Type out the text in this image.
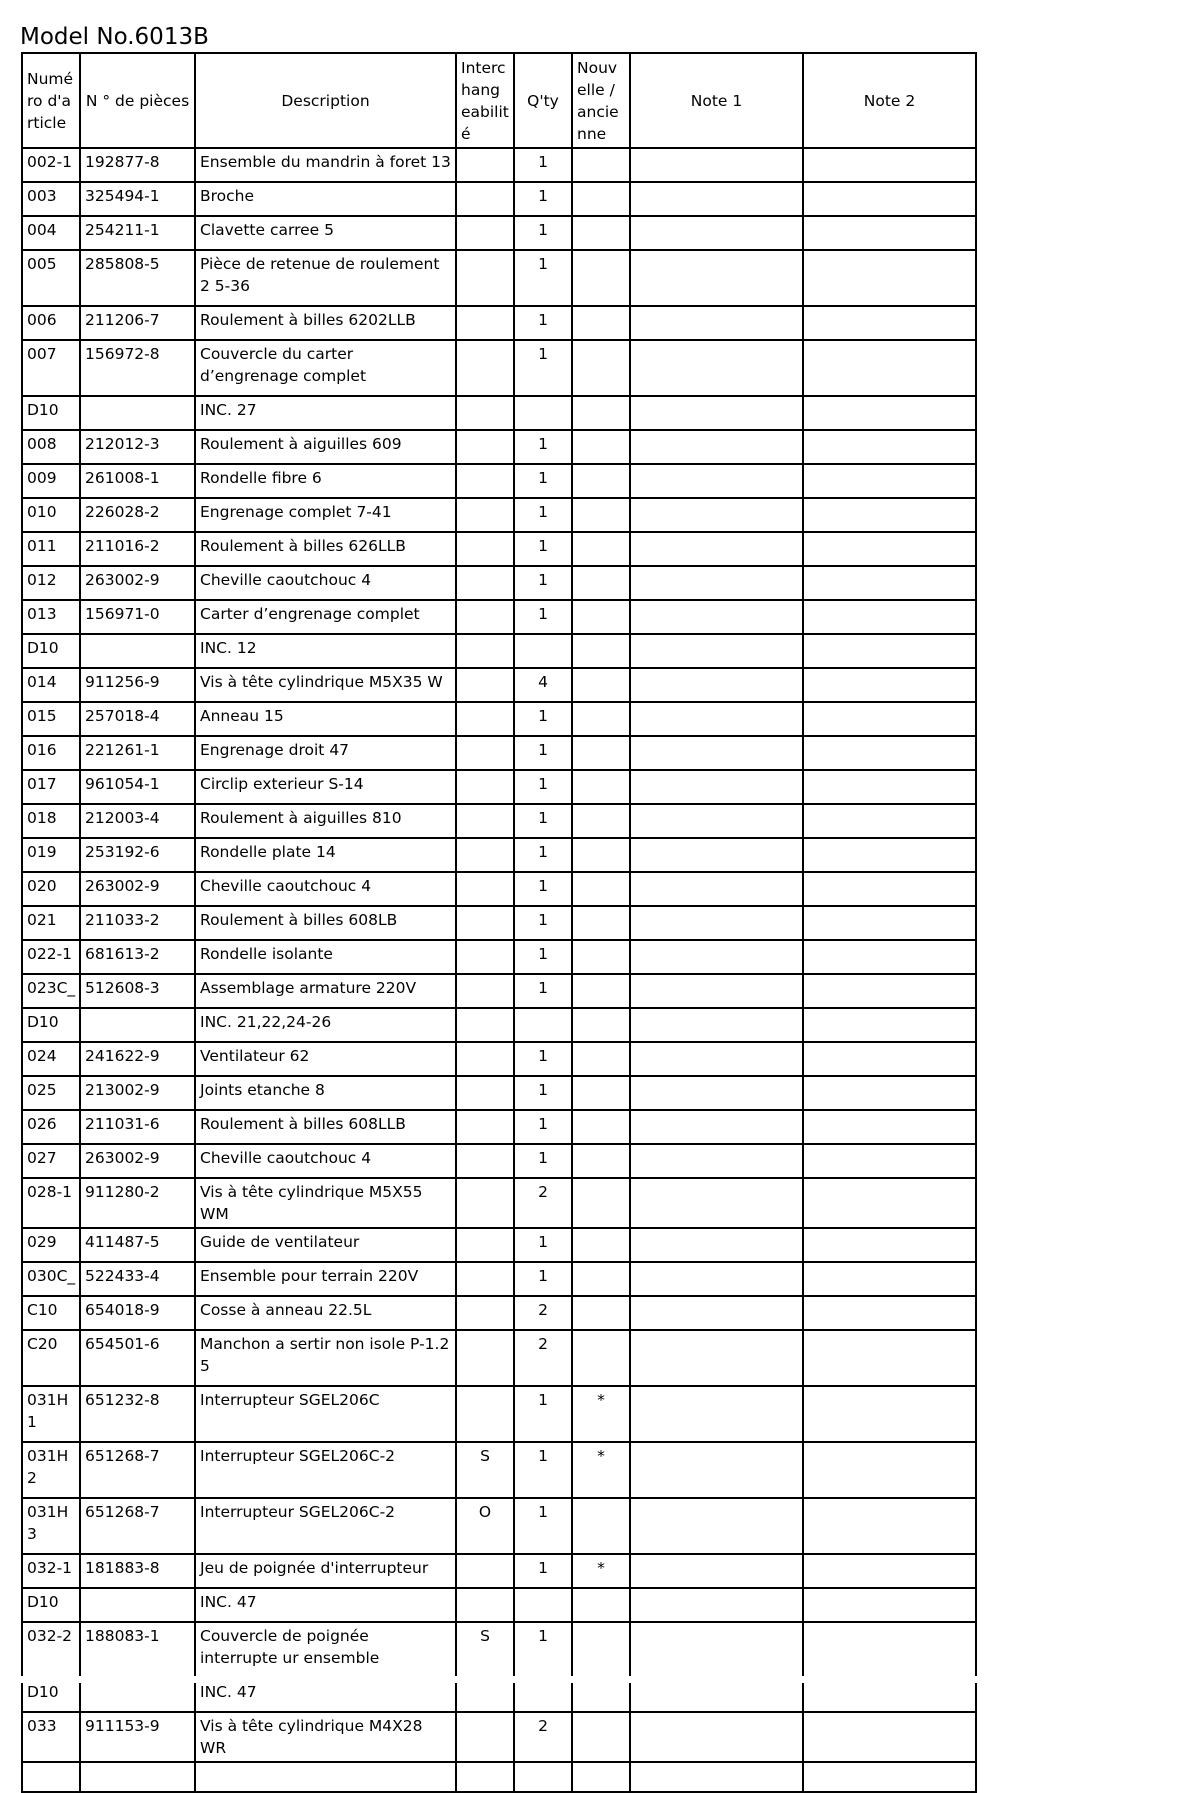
Model No.6013B
Numé ro d'a rticle	N ° de pièces	Description	Interc hang eabilit é	Q'ty	Nouv elle / ancie nne	Note 1	Note 2
002-1	192877-8	Ensemble du mandrin à foret 13		1			
003	325494-1	Broche		1			
004	254211-1	Clavette carree 5		1			
005	285808-5	Pièce de retenue de roulement 2 5-36		1			
006	211206-7	Roulement à billes 6202LLB		1			
007	156972-8	Couvercle du carter d’engrenage complet		1			
D10		INC. 27					
008	212012-3	Roulement à aiguilles 609		1			
009	261008-1	Rondelle fibre 6		1			
010	226028-2	Engrenage complet 7-41		1			
011	211016-2	Roulement à billes 626LLB		1			
012	263002-9	Cheville caoutchouc 4		1			
013	156971-0	Carter d’engrenage complet		1			
D10		INC. 12					
014	911256-9	Vis à tête cylindrique M5X35 W		4			
015	257018-4	Anneau 15		1			
016	221261-1	Engrenage droit 47		1			
017	961054-1	Circlip exterieur S-14		1			
018	212003-4	Roulement à aiguilles 810		1			
019	253192-6	Rondelle plate 14		1			
020	263002-9	Cheville caoutchouc 4		1			
021	211033-2	Roulement à billes 608LB		1			
022-1	681613-2	Rondelle isolante		1			
023C_	512608-3	Assemblage armature 220V		1			
D10		INC. 21,22,24-26					
024	241622-9	Ventilateur 62		1			
025	213002-9	Joints etanche 8		1			
026	211031-6	Roulement à billes 608LLB		1			
027	263002-9	Cheville caoutchouc 4		1			
028-1	911280-2	Vis à tête cylindrique M5X55 WM		2			
029	411487-5	Guide de ventilateur		1			
030C_	522433-4	Ensemble pour terrain 220V		1			
C10	654018-9	Cosse à anneau 22.5L		2			
C20	654501-6	Manchon a sertir non isole P-1.2 5		2			
031H 1	651232-8	Interrupteur SGEL206C		1	*		
031H 2	651268-7	Interrupteur SGEL206C-2	S	1	*		
031H 3	651268-7	Interrupteur SGEL206C-2	O	1			
032-1	181883-8	Jeu de poignée d'interrupteur		1	*		
D10		INC. 47					
032-2	188083-1	Couvercle de poignée interrupte ur ensemble	S	1			
D10		INC. 47					
033	911153-9	Vis à tête cylindrique M4X28 WR		2			
